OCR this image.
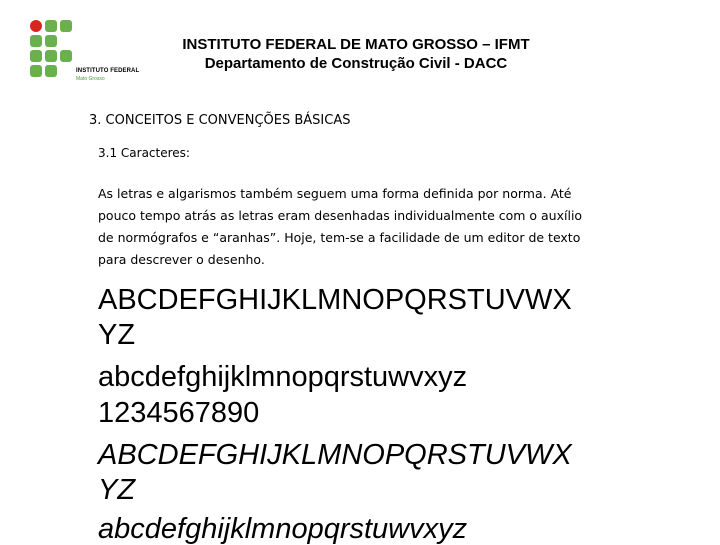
INSTITUTO FEDERAL
Mato Grosso
INSTITUTO FEDERAL DE MATO GROSSO – IFMT
Departamento de Construção Civil - DACC
3. CONCEITOS E CONVENÇÕES BÁSICAS
3.1 Caracteres:
As letras e algarismos também seguem uma forma definida por norma. Até
pouco tempo atrás as letras eram desenhadas individualmente com o auxílio
de normógrafos e “aranhas”. Hoje, tem-se a facilidade de um editor de texto
para descrever o desenho.
ABCDEFGHIJKLMNOPQRSTUVWX
YZ
abcdefghijklmnopqrstuwvxyz
1234567890
ABCDEFGHIJKLMNOPQRSTUVWX
YZ
abcdefghijklmnopqrstuwvxyz
